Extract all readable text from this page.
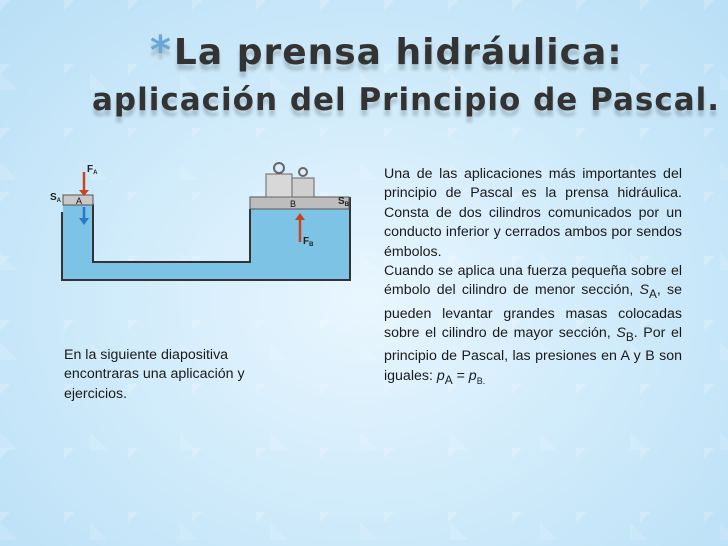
*La prensa hidráulica:
aplicación del Principio de Pascal.
A	B
$F_A$
$S_A$	$S_B$
$F_B$

Una de las aplicaciones más importantes del principio de Pascal es la prensa hidráulica. Consta de dos cilindros comunicados por un conducto inferior y cerrados ambos por sendos émbolos.

Cuando se aplica una fuerza pequeña sobre el émbolo del cilindro de menor sección, $S_A$, se pueden levantar grandes masas colocadas sobre el cilindro de mayor sección, $S_B$. Por el principio de Pascal, las presiones en A y B son iguales: $p_A = p_{B.}$

En la siguiente diapositiva encontraras una aplicación y ejercicios.
